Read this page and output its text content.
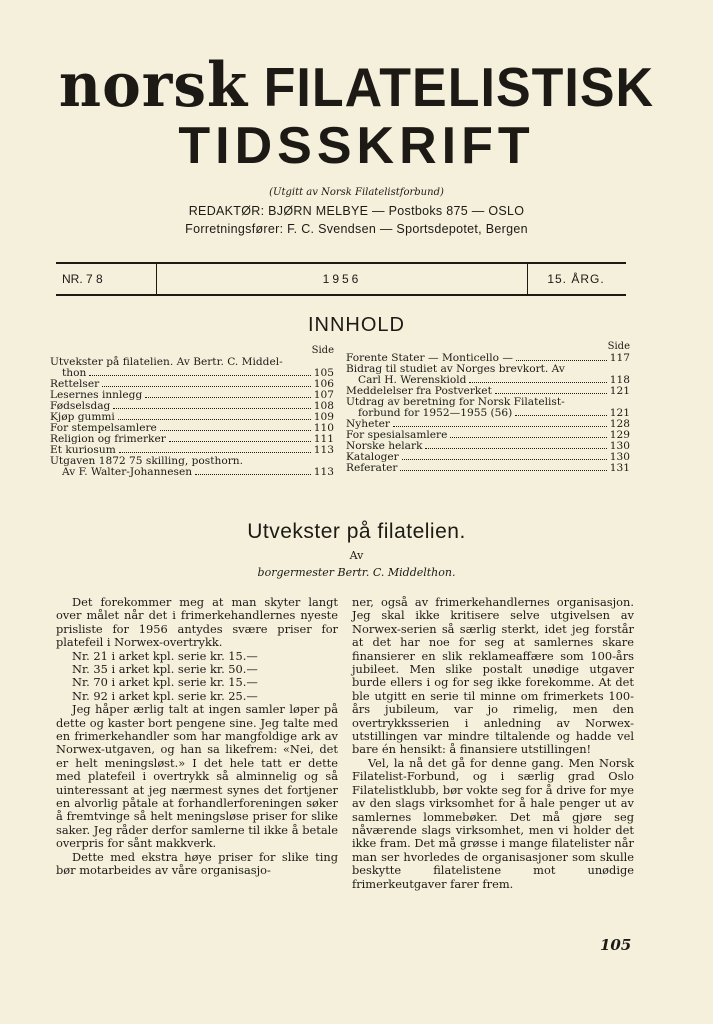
norsk FILATELISTISK
TIDSSKRIFT
(Utgitt av Norsk Filatelistforbund)
REDAKTØR: BJØRN MELBYE — Postboks 875 — OSLO
Forretningsfører: F. C. Svendsen — Sportsdepotet, Bergen
NR. 7 8	1956	15. ÅRG.
INNHOLD
Side
Utvekster på filatelien. Av Bertr. C. Middel-
thon	105
Rettelser	106
Lesernes innlegg	107
Fødselsdag	108
Kjøp gummi	109
For stempelsamlere	110
Religion og frimerker	111
Et kuriosum	113
Utgaven 1872 75 skilling, posthorn.
Av F. Walter-Johannesen	113
Side
Forente Stater — Monticello —	117
Bidrag til studiet av Norges brevkort. Av
Carl H. Werenskiold	118
Meddelelser fra Postverket	121
Utdrag av beretning for Norsk Filatelist-
forbund for 1952—1955 (56)	121
Nyheter	128
For spesialsamlere	129
Norske helark	130
Kataloger	130
Referater	131
Utvekster på filatelien.
Av
borgermester Bertr. C. Middelthon.

Det forekommer meg at man skyter langt over målet når det i frimerkehandlernes nyeste prisliste for 1956 antydes svære priser for platefeil i Norwex-overtrykk.

Nr. 21 i arket kpl. serie kr. 15.—
Nr. 35 i arket kpl. serie kr. 50.—
Nr. 70 i arket kpl. serie kr. 15.—
Nr. 92 i arket kpl. serie kr. 25.—

Jeg håper ærlig talt at ingen samler løper på dette og kaster bort pengene sine. Jeg talte med en frimerkehandler som har mangfoldige ark av Norwex-utgaven, og han sa likefrem: «Nei, det er helt meningsløst.» I det hele tatt er dette med platefeil i overtrykk så alminnelig og så uinteressant at jeg nærmest synes det fortjener en alvorlig påtale at forhandlerforeningen søker å fremtvinge så helt meningsløse priser for slike saker. Jeg råder derfor samlerne til ikke å betale overpris for sånt makkverk.

Dette med ekstra høye priser for slike ting bør motarbeides av våre organisasjo-

ner, også av frimerkehandlernes organisasjon. Jeg skal ikke kritisere selve utgivelsen av Norwex-serien så særlig sterkt, idet jeg forstår at det har noe for seg at samlernes skare finansierer en slik reklameaffære som 100-års jubileet. Men slike postalt unødige utgaver burde ellers i og for seg ikke forekomme. At det ble utgitt en serie til minne om frimerkets 100-års jubileum, var jo rimelig, men den overtrykksserien i anledning av Norwex-utstillingen var mindre tiltalende og hadde vel bare én hensikt: å finansiere utstillingen!

Vel, la nå det gå for denne gang. Men Norsk Filatelist-Forbund, og i særlig grad Oslo Filatelistklubb, bør vokte seg for å drive for mye av den slags virksomhet for å hale penger ut av samlernes lommebøker. Det må gjøre seg nåværende slags virksomhet, men vi holder det ikke fram. Det må grøsse i mange filatelister når man ser hvorledes de organisasjoner som skulle beskytte filatelistene mot unødige frimerkeutgaver farer frem.

105
